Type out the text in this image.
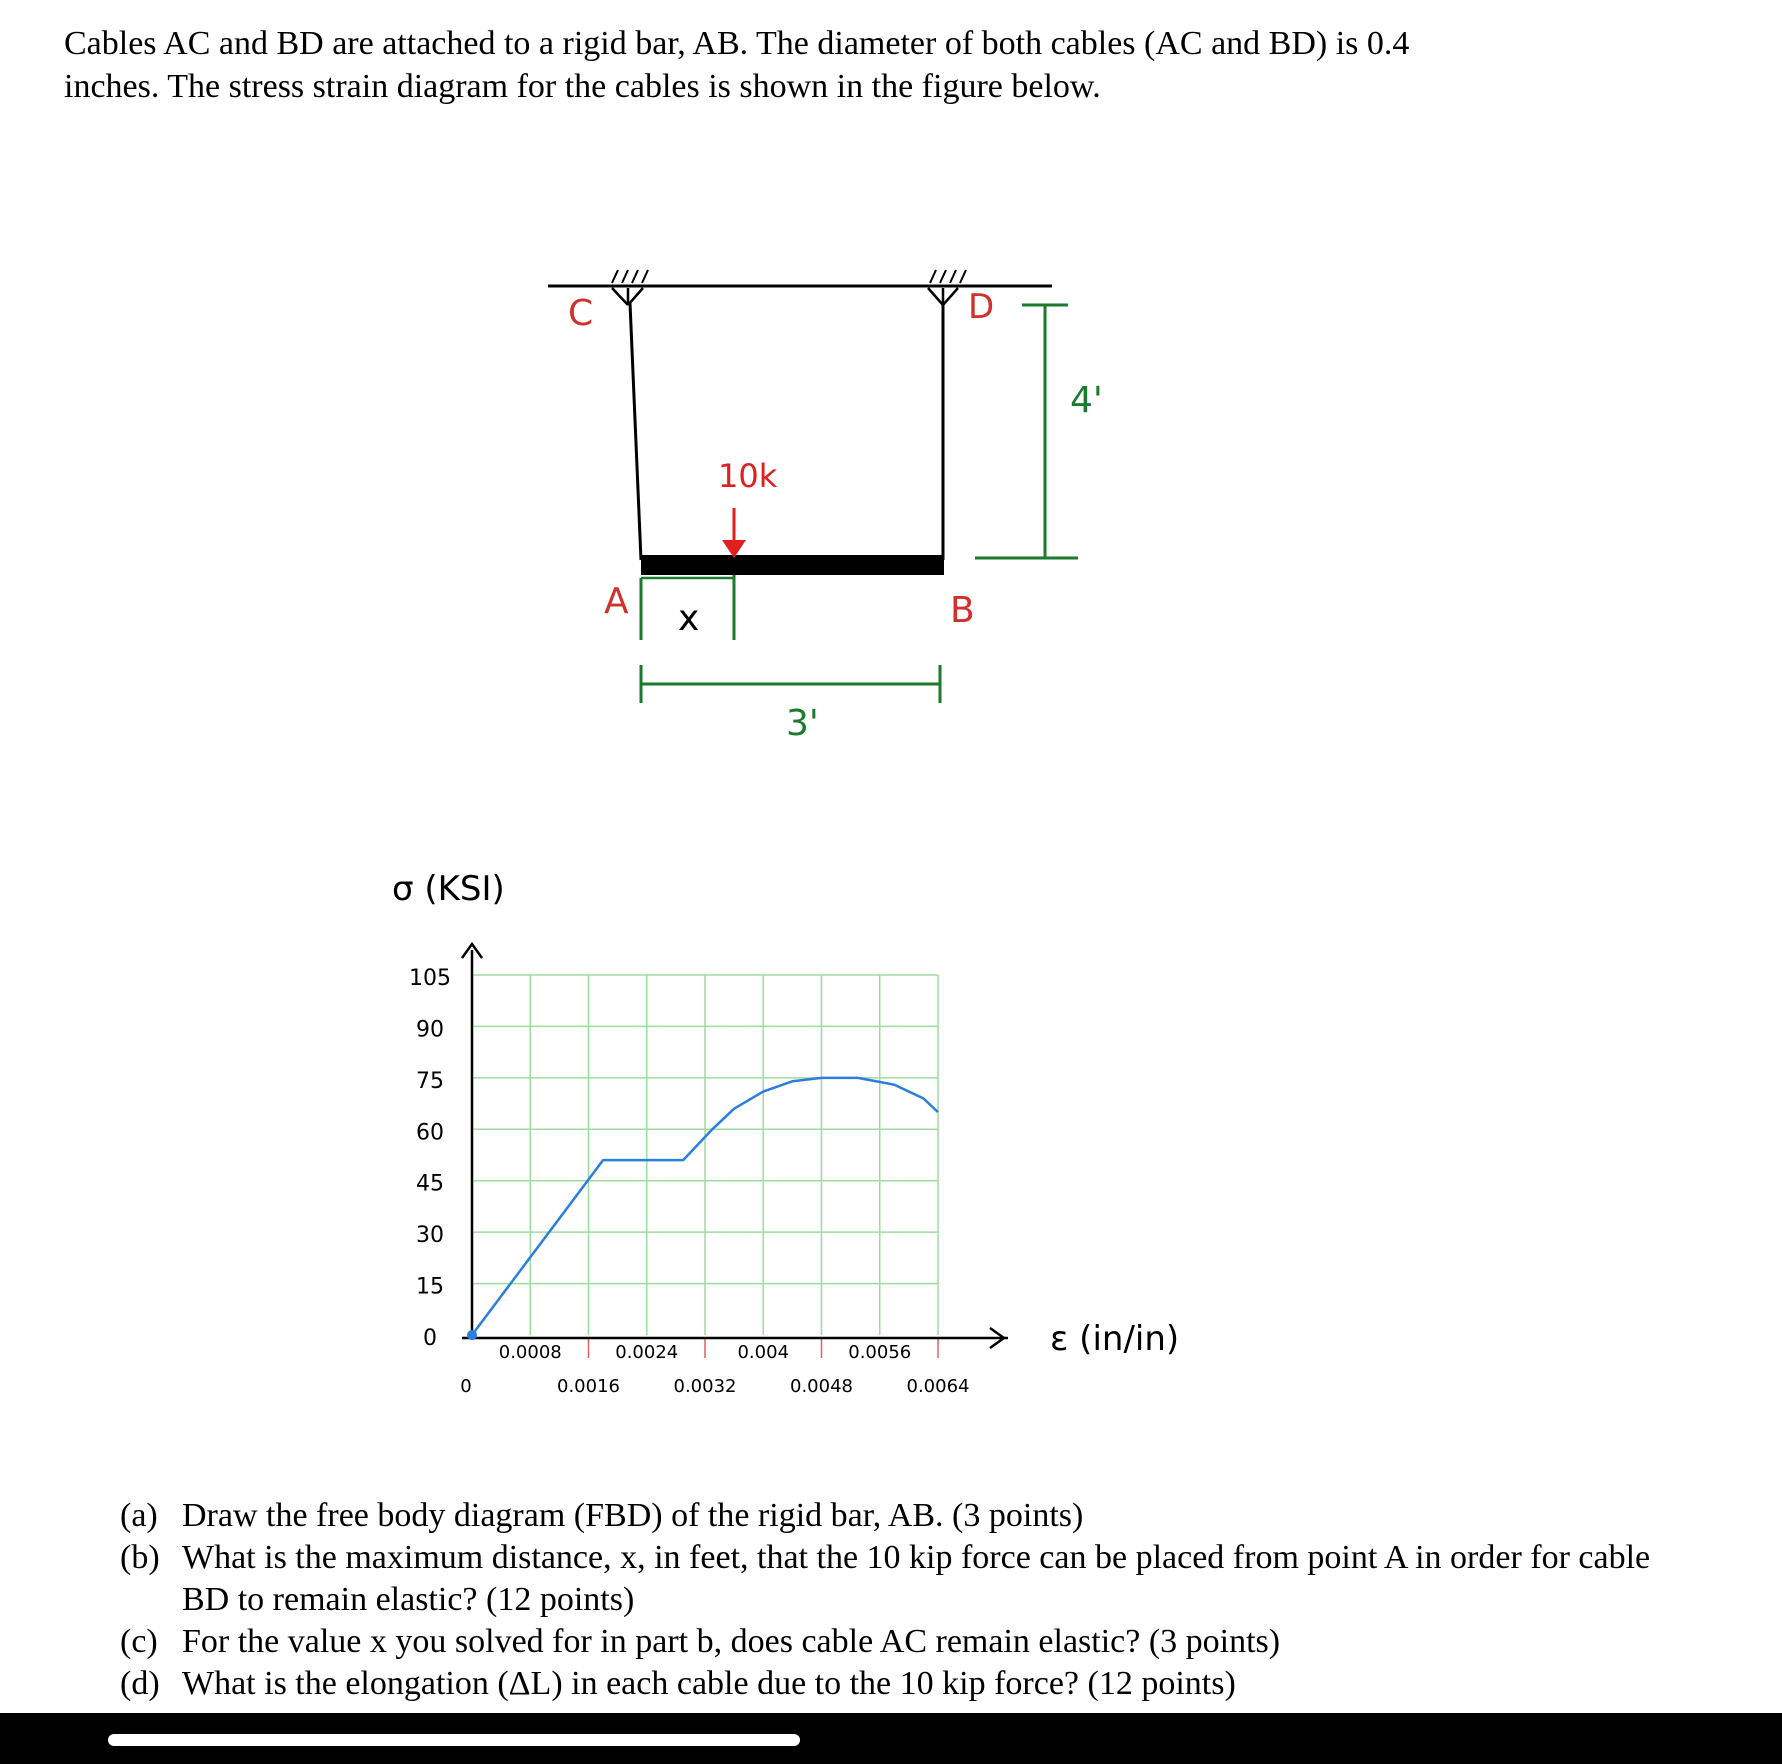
Cables AC and BD are attached to a rigid bar, AB. The diameter of both cables (AC and BD) is 0.4

inches. The stress strain diagram for the cables is shown in the figure below.

C	D
A	B
10k
x
3'
4'
σ (KSI)
ε (in/in)
0
15
30
45
60
75
90
105
0.0008	0.0024	0.004	0.0056
0	0.0016	0.0032	0.0048	0.0064
(a) Draw the free body diagram (FBD) of the rigid bar, AB. (3 points)
(b) What is the maximum distance, x, in feet, that the 10 kip force can be placed from point A in order for cable BD to remain elastic? (12 points)
(c) For the value x you solved for in part b, does cable AC remain elastic? (3 points)
(d) What is the elongation (ΔL) in each cable due to the 10 kip force? (12 points)
